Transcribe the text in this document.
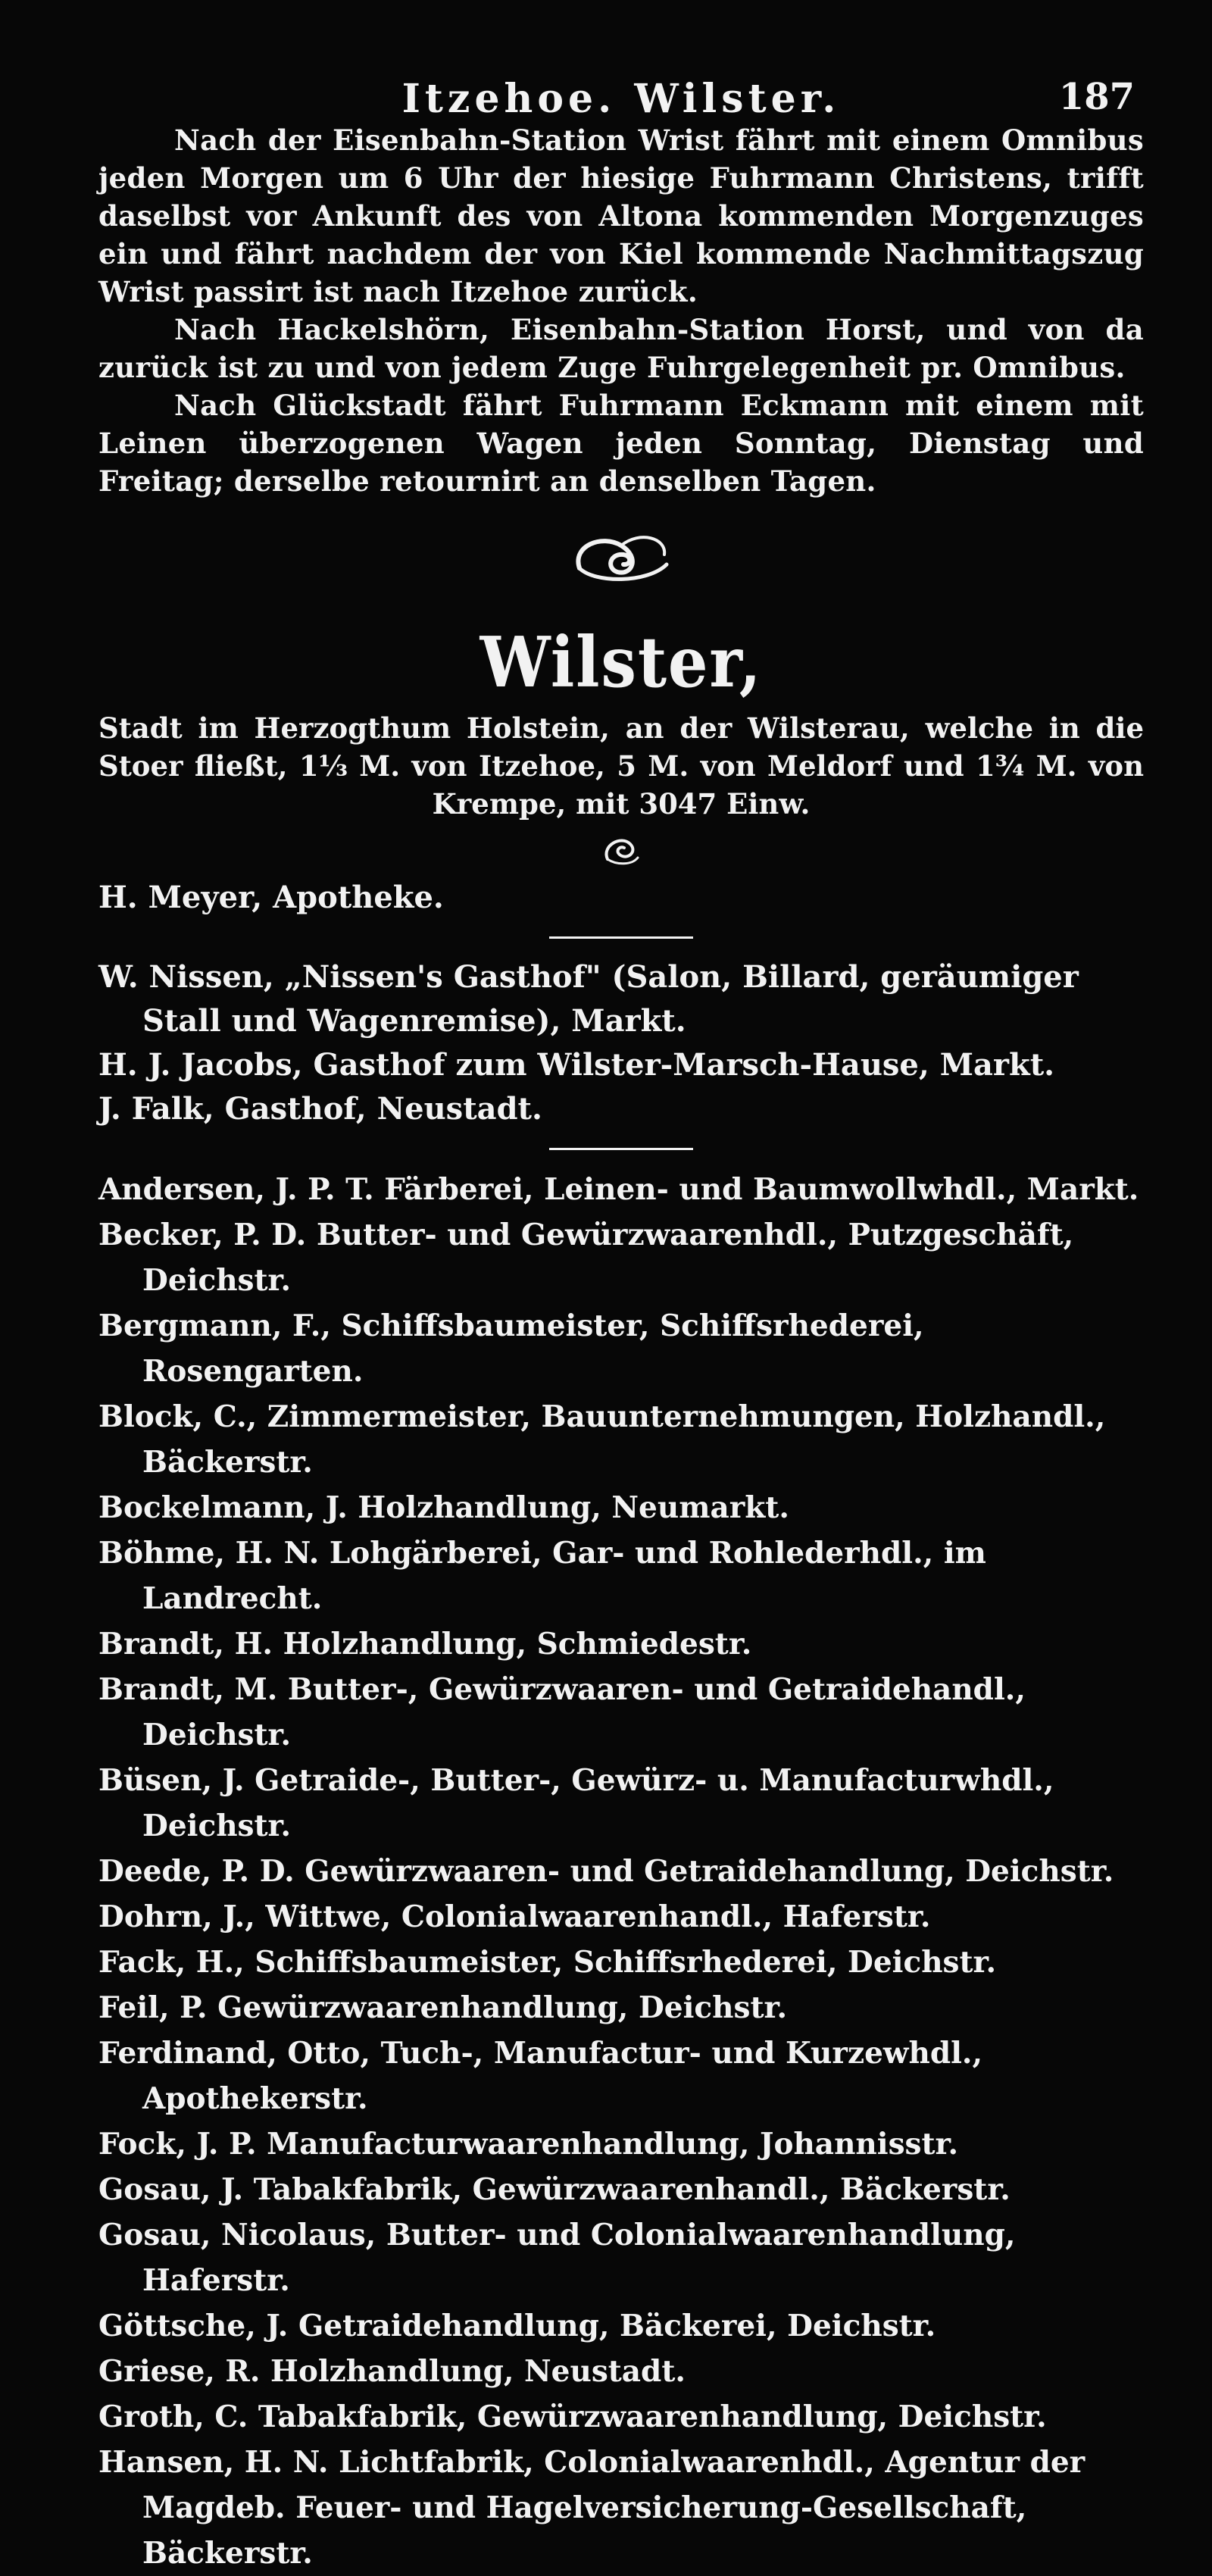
Itzehoe. Wilster.	187

Nach der Eisenbahn-Station Wrist fährt mit einem Omnibus jeden Morgen um 6 Uhr der hiesige Fuhrmann Christens, trifft daselbst vor Ankunft des von Altona kommenden Morgenzuges ein und fährt nachdem der von Kiel kommende Nachmittagszug Wrist passirt ist nach Itzehoe zurück.

Nach Hackelshörn, Eisenbahn-Station Horst, und von da zurück ist zu und von jedem Zuge Fuhrgelegenheit pr. Omnibus.

Nach Glückstadt fährt Fuhrmann Eckmann mit einem mit Leinen überzogenen Wagen jeden Sonntag, Dienstag und Freitag; derselbe retournirt an denselben Tagen.

Wilster,

Stadt im Herzogthum Holstein, an der Wilsterau, welche in die Stoer fließt, 1⅓ M. von Itzehoe, 5 M. von Meldorf und 1¾ M. von Krempe, mit 3047 Einw.

H. Meyer, Apotheke.

W. Nissen, „Nissen's Gasthof" (Salon, Billard, geräumiger Stall und Wagenremise), Markt.

H. J. Jacobs, Gasthof zum Wilster-Marsch-Hause, Markt.

J. Falk, Gasthof, Neustadt.

Andersen, J. P. T. Färberei, Leinen- und Baumwollwhdl., Markt.

Becker, P. D. Butter- und Gewürzwaarenhdl., Putzgeschäft, Deichstr.

Bergmann, F., Schiffsbaumeister, Schiffsrhederei, Rosengarten.

Block, C., Zimmermeister, Bauunternehmungen, Holzhandl., Bäckerstr.

Bockelmann, J. Holzhandlung, Neumarkt.

Böhme, H. N. Lohgärberei, Gar- und Rohlederhdl., im Landrecht.

Brandt, H. Holzhandlung, Schmiedestr.

Brandt, M. Butter-, Gewürzwaaren- und Getraidehandl., Deichstr.

Büsen, J. Getraide-, Butter-, Gewürz- u. Manufacturwhdl., Deichstr.

Deede, P. D. Gewürzwaaren- und Getraidehandlung, Deichstr.

Dohrn, J., Wittwe, Colonialwaarenhandl., Haferstr.

Fack, H., Schiffsbaumeister, Schiffsrhederei, Deichstr.

Feil, P. Gewürzwaarenhandlung, Deichstr.

Ferdinand, Otto, Tuch-, Manufactur- und Kurzewhdl., Apothekerstr.

Fock, J. P. Manufacturwaarenhandlung, Johannisstr.

Gosau, J. Tabakfabrik, Gewürzwaarenhandl., Bäckerstr.

Gosau, Nicolaus, Butter- und Colonialwaarenhandlung, Haferstr.

Göttsche, J. Getraidehandlung, Bäckerei, Deichstr.

Griese, R. Holzhandlung, Neustadt.

Groth, C. Tabakfabrik, Gewürzwaarenhandlung, Deichstr.

Hansen, H. N. Lichtfabrik, Colonialwaarenhdl., Agentur der Magdeb. Feuer- und Hagelversicherung-Gesellschaft, Bäckerstr.
